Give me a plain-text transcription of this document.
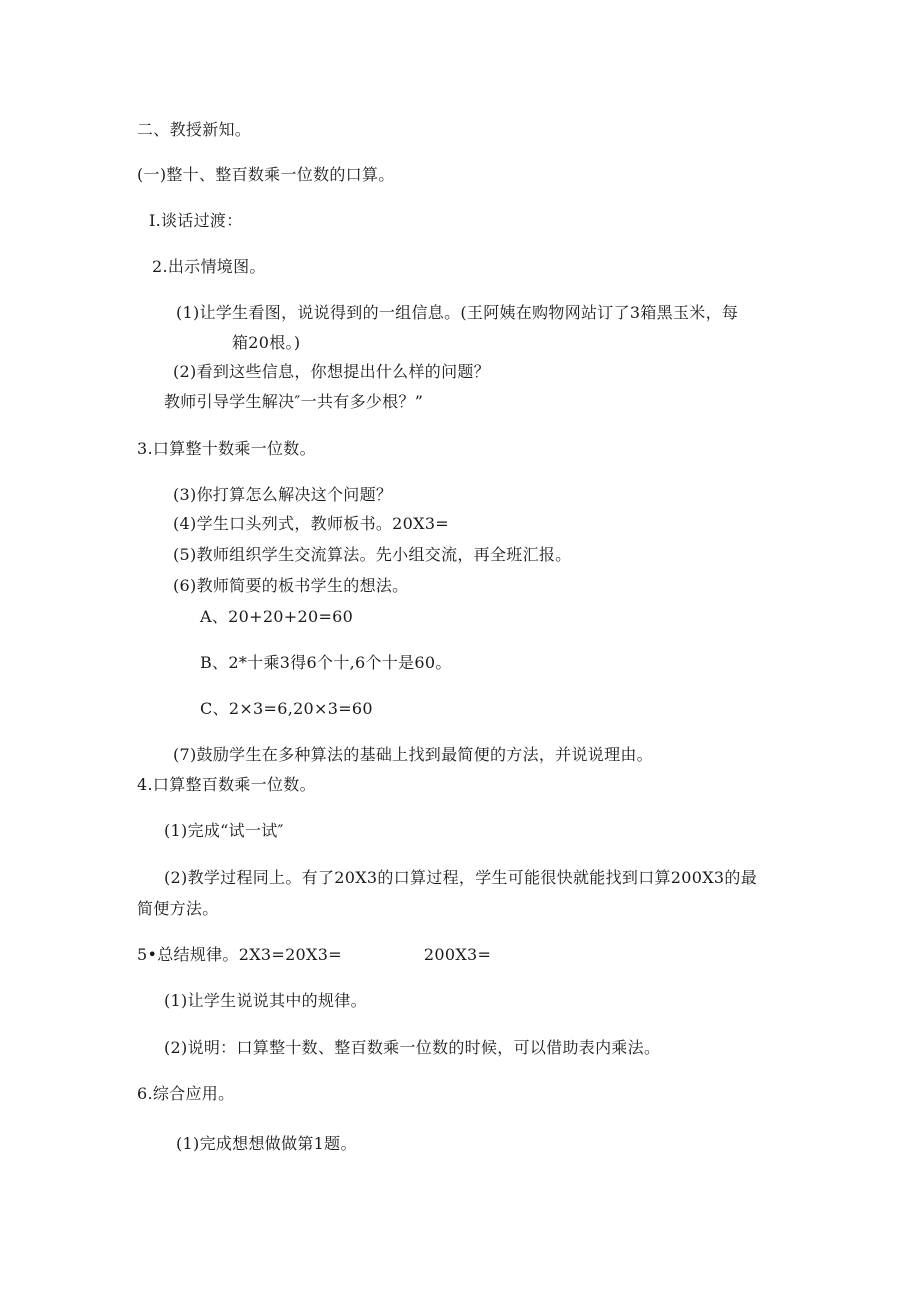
二、教授新知。
(一)整十、整百数乘一位数的口算。
I.谈话过渡：
2.出示情境图。
(1)让学生看图，说说得到的一组信息。(王阿姨在购物网站订了3箱黑玉米，每
箱20根。)
(2)看到这些信息，你想提出什么样的问题？
教师引导学生解决″一共有多少根？”
3.口算整十数乘一位数。
(3)你打算怎么解决这个问题？
(4)学生口头列式，教师板书。20X3=
(5)教师组织学生交流算法。先小组交流，再全班汇报。
(6)教师简要的板书学生的想法。
A、20+20+20=60
B、2*十乘3得6个十,6个十是60。
C、2×3=6,20×3=60
(7)鼓励学生在多种算法的基础上找到最简便的方法，并说说理由。
4.口算整百数乘一位数。
(1)完成“试一试″
(2)教学过程同上。有了20X3的口算过程，学生可能很快就能找到口算200X3的最
简便方法。
5•总结规律。2X3=20X3=	200X3=
(1)让学生说说其中的规律。
(2)说明：口算整十数、整百数乘一位数的时候，可以借助表内乘法。
6.综合应用。
(1)完成想想做做第1题。
